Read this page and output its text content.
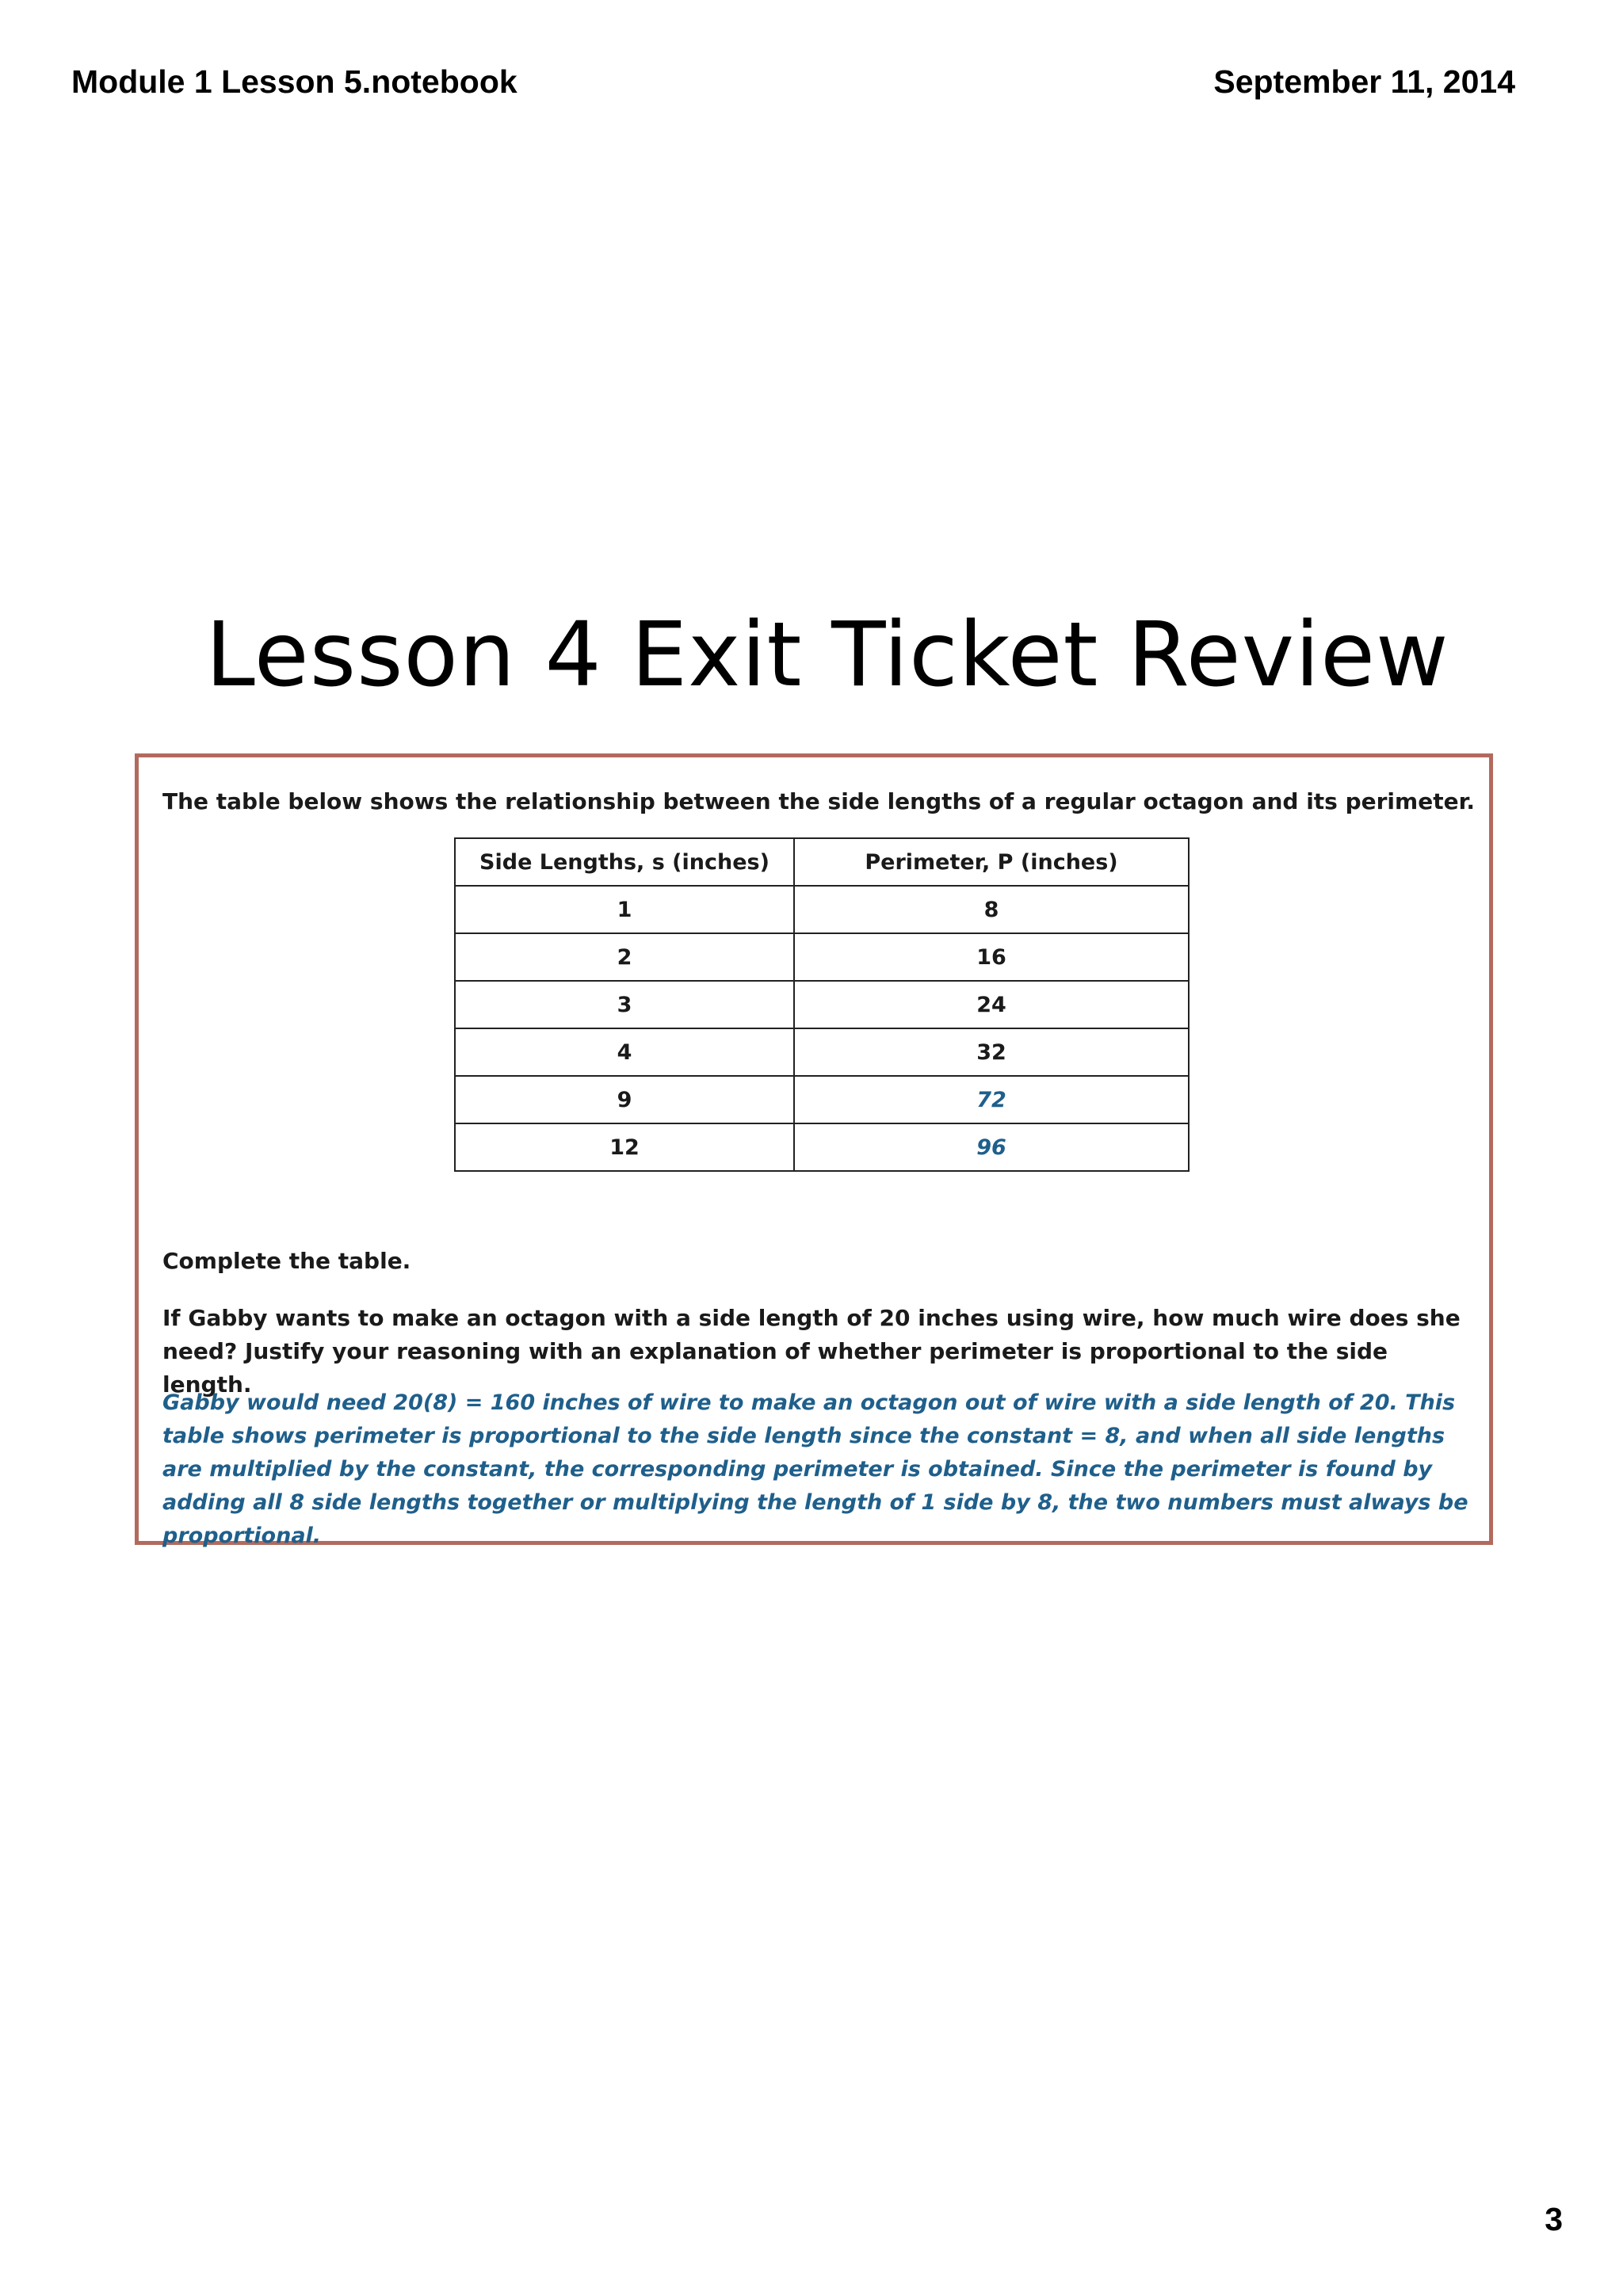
Module 1 Lesson 5.notebook	September 11, 2014
Lesson 4 Exit Ticket Review
The table below shows the relationship between the side lengths of a regular octagon and its perimeter.
Side Lengths, s (inches)	Perimeter, P (inches)
1	8
2	16
3	24
4	32
9	72
12	96
Complete the table.
If Gabby wants to make an octagon with a side length of 20 inches using wire, how much wire does she need? Justify your reasoning with an explanation of whether perimeter is proportional to the side length.
Gabby would need 20(8) = 160 inches of wire to make an octagon out of wire with a side length of 20. This table shows perimeter is proportional to the side length since the constant = 8, and when all side lengths are multiplied by the constant, the corresponding perimeter is obtained. Since the perimeter is found by adding all 8 side lengths together or multiplying the length of 1 side by 8, the two numbers must always be proportional.
3
